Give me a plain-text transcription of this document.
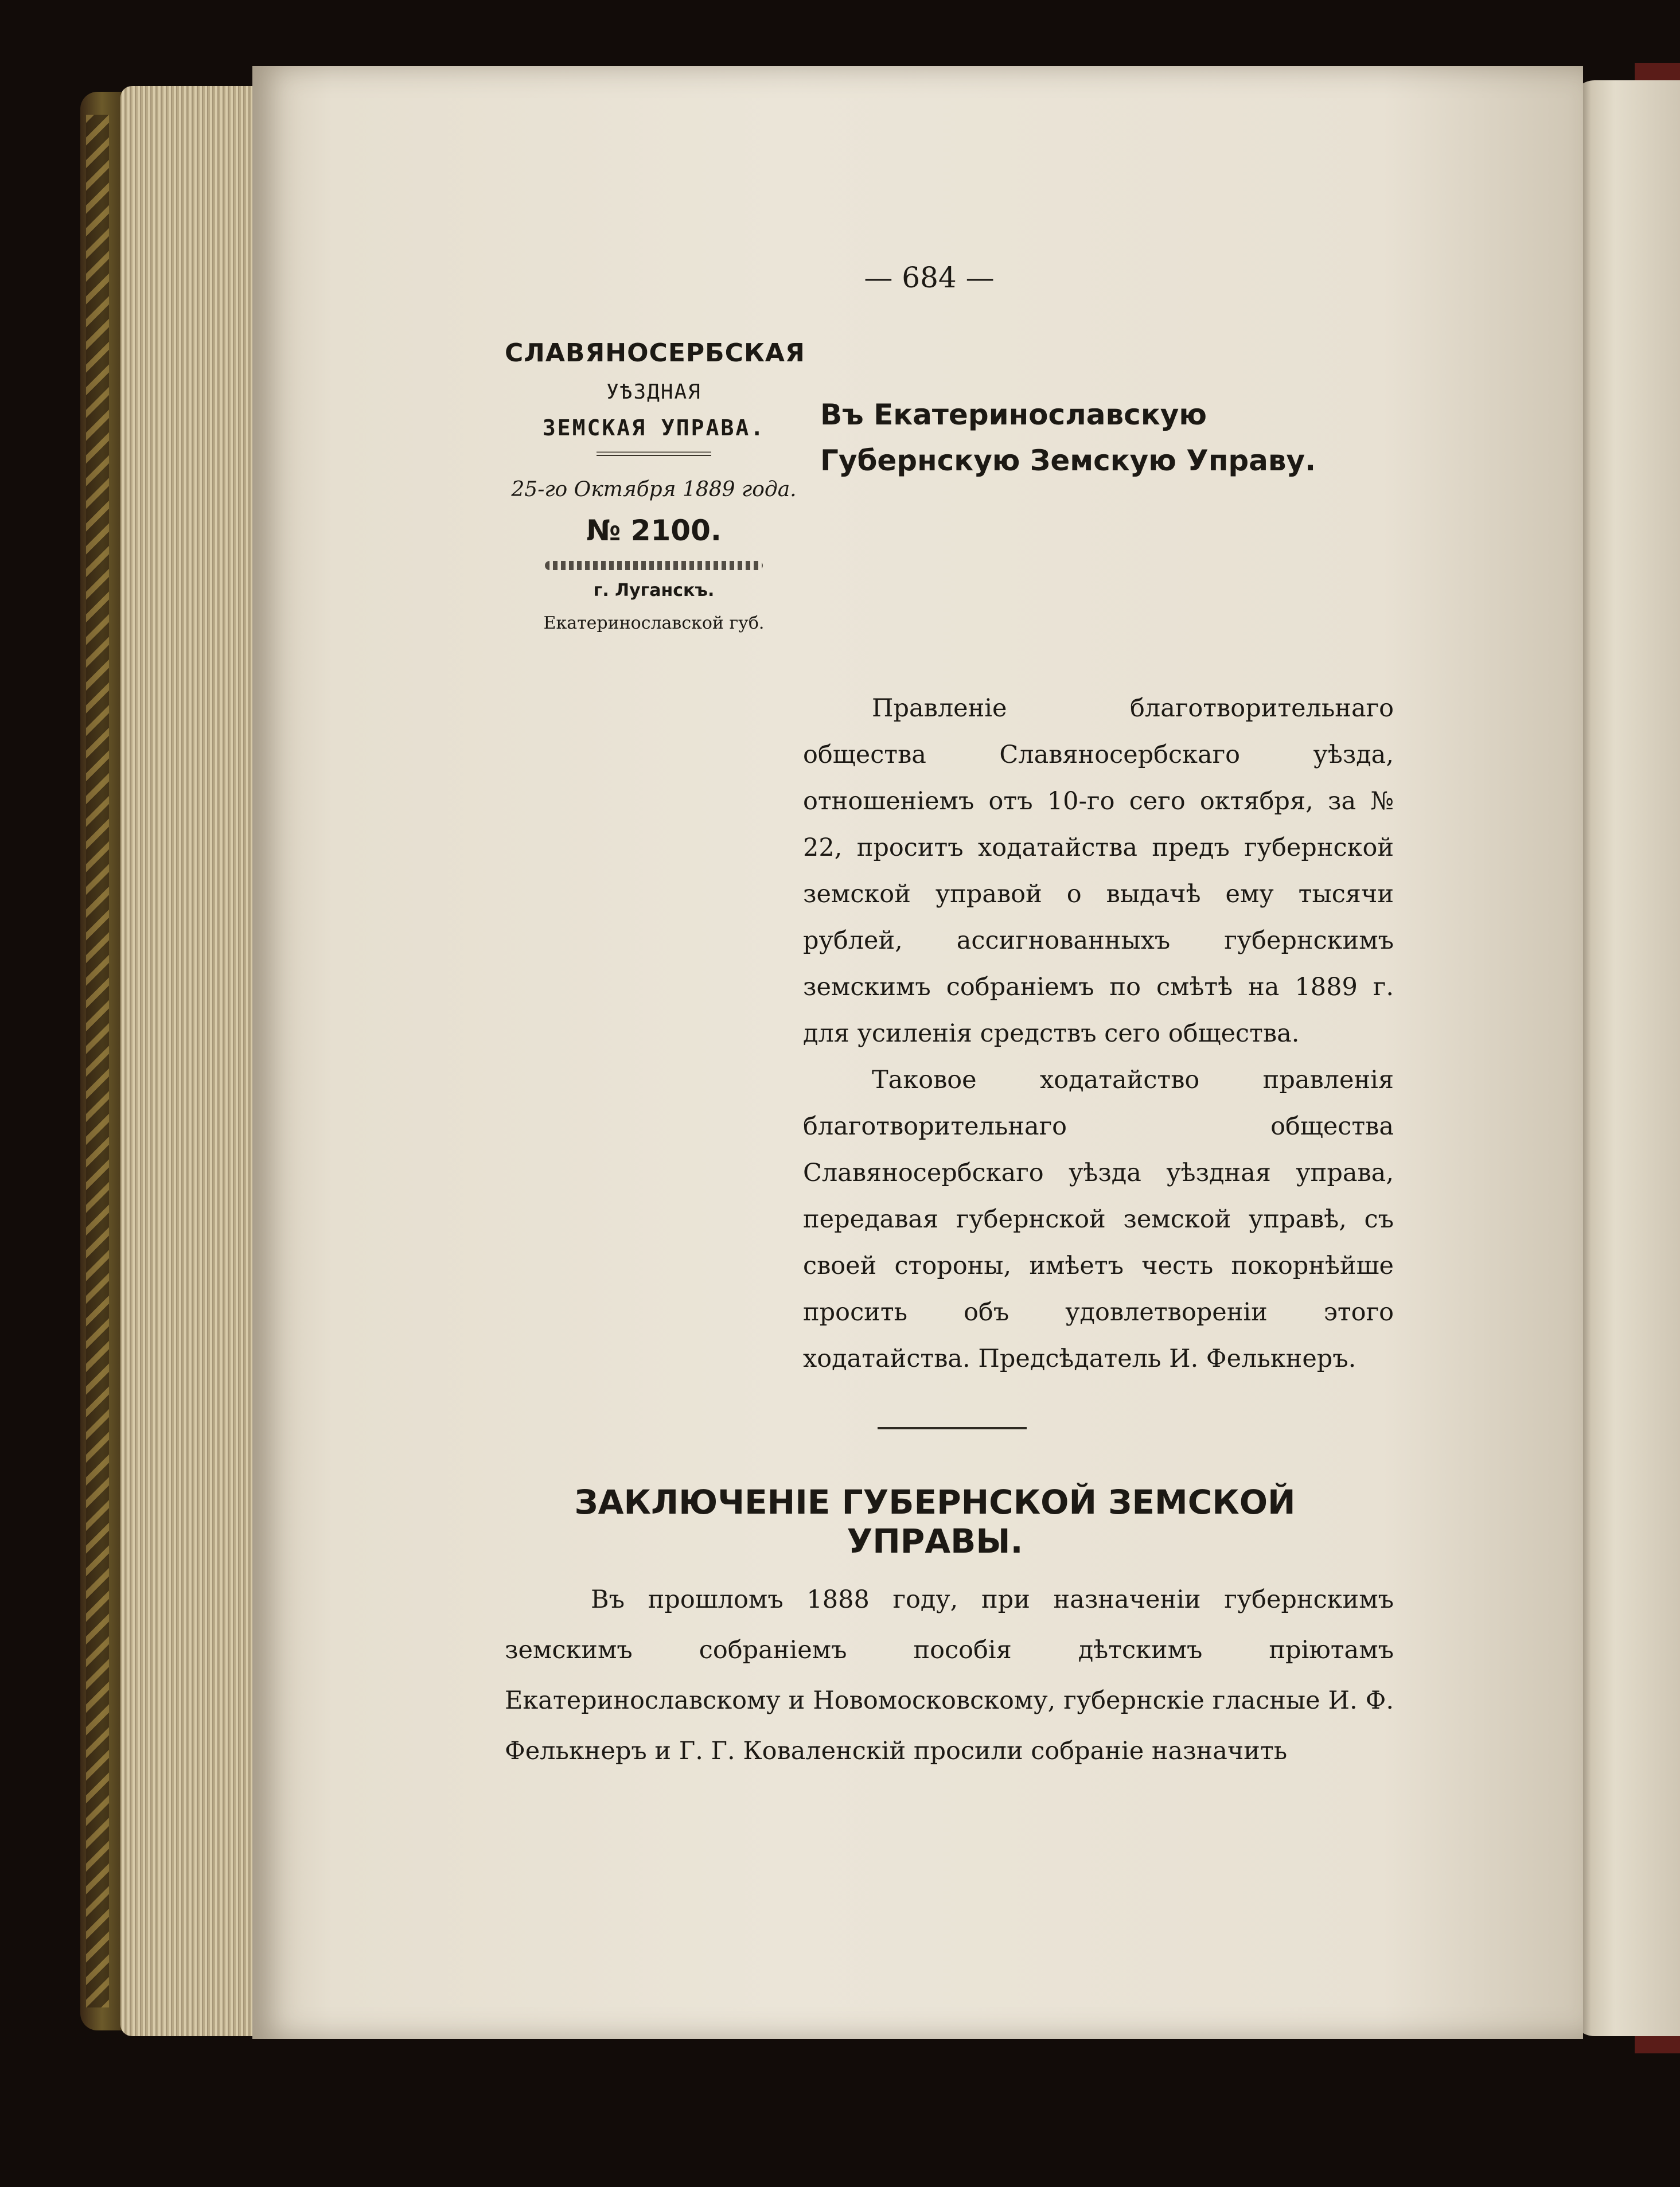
— 684 —
СЛАВЯНОСЕРБСКАЯ
УѢЗДНАЯ
ЗЕМСКАЯ УПРАВА.
25-го Октября 1889 года.
№ 2100.
г. Луганскъ.
Екатеринославской губ.
Въ Екатеринославскую Губернскую Земскую Управу.

Правленіе благотворительнаго общества Славяносербскаго уѣзда, отношеніемъ отъ 10-го сего октября, за № 22, проситъ ходатайства предъ губернской земской управой о выдачѣ ему тысячи рублей, ассигнованныхъ губернскимъ земскимъ собраніемъ по смѣтѣ на 1889 г. для усиленія средствъ сего общества.

Таковое ходатайство правленія благотворительнаго общества Славяносербскаго уѣзда уѣздная управа, передавая губернской земской управѣ, съ своей стороны, имѣетъ честь покорнѣйше просить объ удовлетвореніи этого ходатайства. Предсѣдатель И. Фелькнеръ.

ЗАКЛЮЧЕНІЕ ГУБЕРНСКОЙ ЗЕМСКОЙ УПРАВЫ.

Въ прошломъ 1888 году, при назначеніи губернскимъ земскимъ собраніемъ пособія дѣтскимъ пріютамъ Екатеринославскому и Новомосковскому, губернскіе гласные И. Ф. Фелькнеръ и Г. Г. Коваленскій просили собраніе назначить
